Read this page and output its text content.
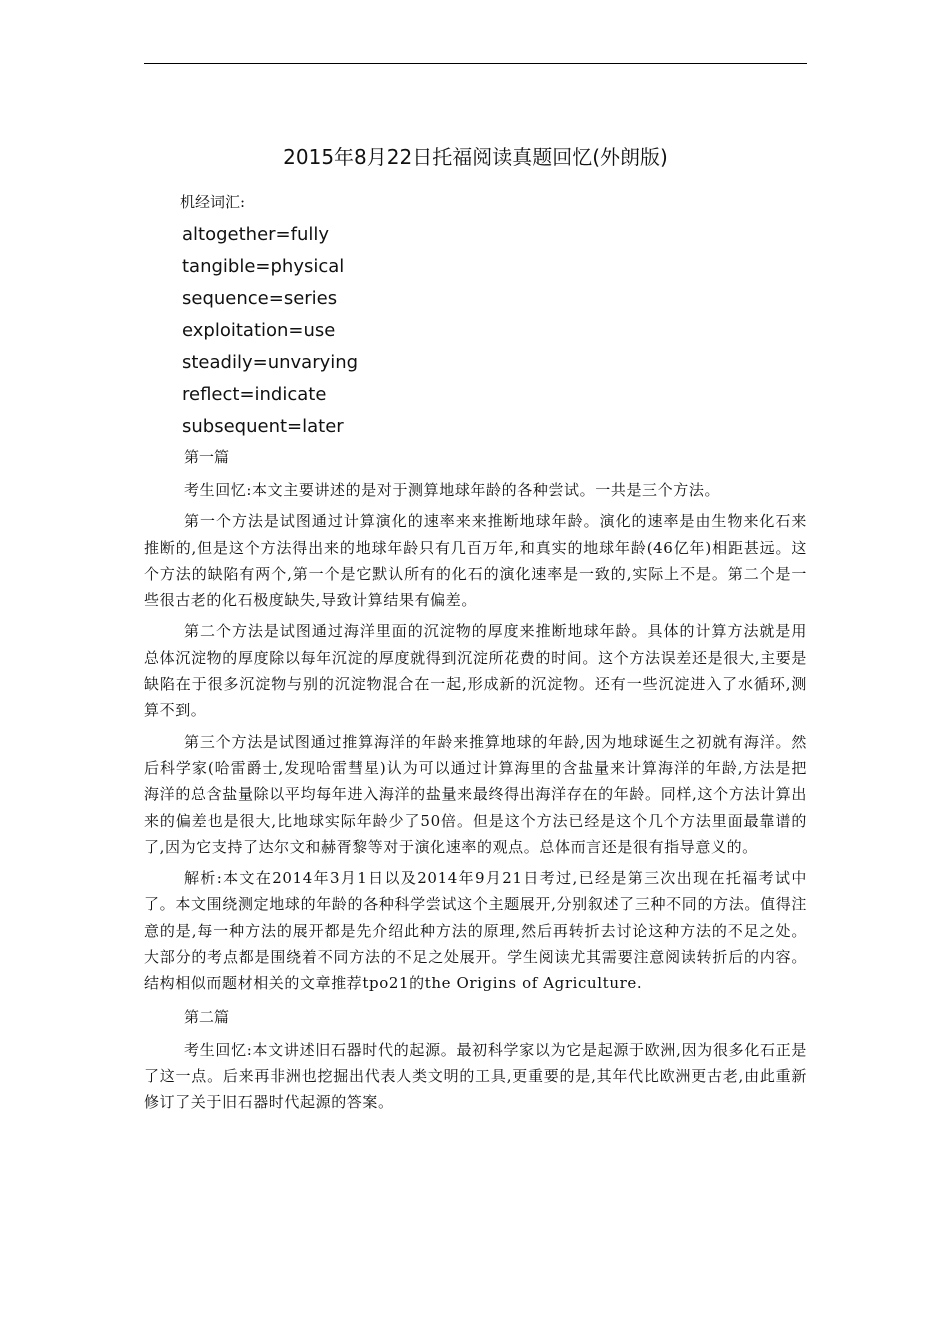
2015年8月22日托福阅读真题回忆(外朗版)
机经词汇:
altogether=fully
tangible=physical
sequence=series
exploitation=use
steadily=unvarying
reflect=indicate
subsequent=later
第一篇

考生回忆:本文主要讲述的是对于测算地球年龄的各种尝试。一共是三个方法。

第一个方法是试图通过计算演化的速率来来推断地球年龄。演化的速率是由生物来化石来推断的,但是这个方法得出来的地球年龄只有几百万年,和真实的地球年龄(46亿年)相距甚远。这个方法的缺陷有两个,第一个是它默认所有的化石的演化速率是一致的,实际上不是。第二个是一些很古老的化石极度缺失,导致计算结果有偏差。

第二个方法是试图通过海洋里面的沉淀物的厚度来推断地球年龄。具体的计算方法就是用总体沉淀物的厚度除以每年沉淀的厚度就得到沉淀所花费的时间。这个方法误差还是很大,主要是缺陷在于很多沉淀物与别的沉淀物混合在一起,形成新的沉淀物。还有一些沉淀进入了水循环,测算不到。

第三个方法是试图通过推算海洋的年龄来推算地球的年龄,因为地球诞生之初就有海洋。然后科学家(哈雷爵士,发现哈雷彗星)认为可以通过计算海里的含盐量来计算海洋的年龄,方法是把海洋的总含盐量除以平均每年进入海洋的盐量来最终得出海洋存在的年龄。同样,这个方法计算出来的偏差也是很大,比地球实际年龄少了50倍。但是这个方法已经是这个几个方法里面最靠谱的了,因为它支持了达尔文和赫胥黎等对于演化速率的观点。总体而言还是很有指导意义的。

解析:本文在2014年3月1日以及2014年9月21日考过,已经是第三次出现在托福考试中了。本文围绕测定地球的年龄的各种科学尝试这个主题展开,分别叙述了三种不同的方法。值得注意的是,每一种方法的展开都是先介绍此种方法的原理,然后再转折去讨论这种方法的不足之处。大部分的考点都是围绕着不同方法的不足之处展开。学生阅读尤其需要注意阅读转折后的内容。结构相似而题材相关的文章推荐tpo21的the Origins of Agriculture.

第二篇

考生回忆:本文讲述旧石器时代的起源。最初科学家以为它是起源于欧洲,因为很多化石正是了这一点。后来再非洲也挖掘出代表人类文明的工具,更重要的是,其年代比欧洲更古老,由此重新修订了关于旧石器时代起源的答案。
